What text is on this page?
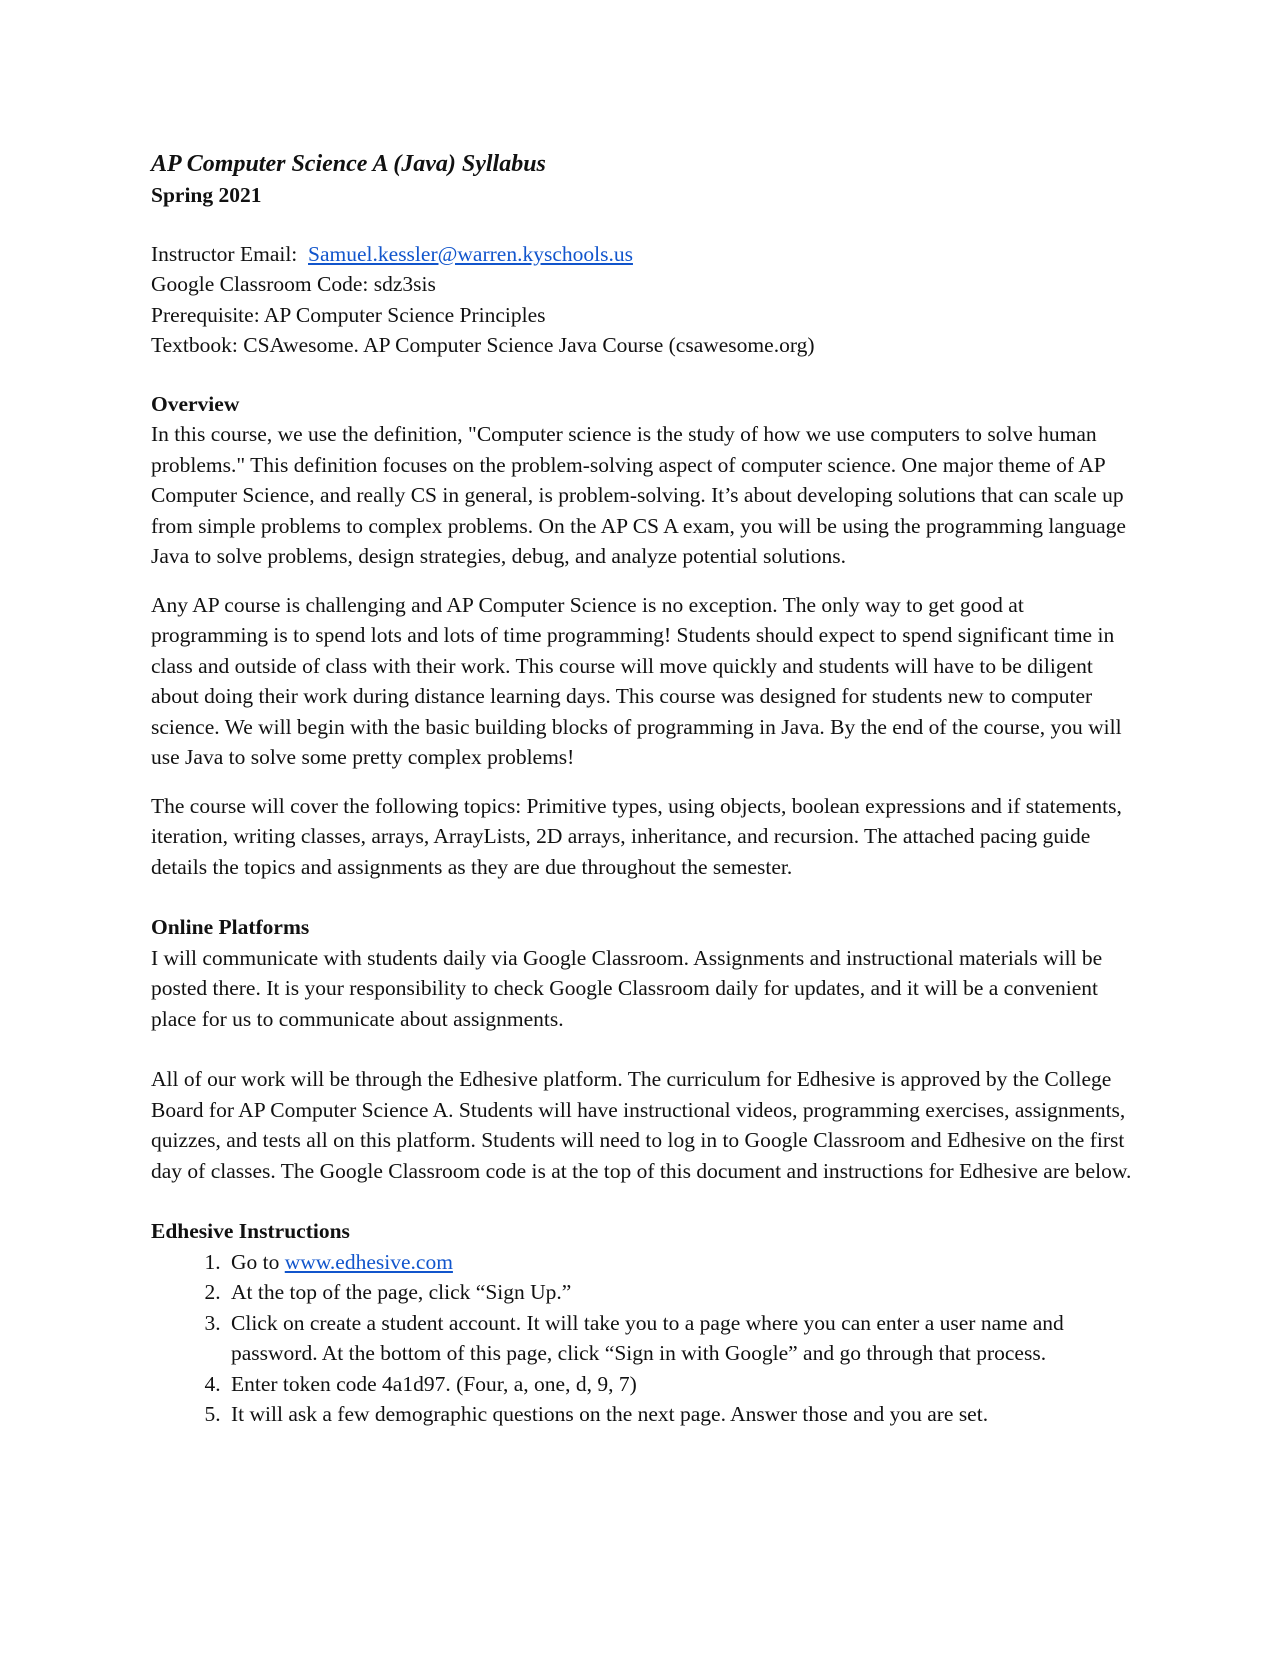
AP Computer Science A (Java) Syllabus
Spring 2021
Instructor Email: Samuel.kessler@warren.kyschools.us
Google Classroom Code: sdz3sis
Prerequisite: AP Computer Science Principles
Textbook: CSAwesome. AP Computer Science Java Course (csawesome.org)
Overview

In this course, we use the definition, "Computer science is the study of how we use computers to solve human problems." This definition focuses on the problem-solving aspect of computer science. One major theme of AP Computer Science, and really CS in general, is problem-solving. It’s about developing solutions that can scale up from simple problems to complex problems. On the AP CS A exam, you will be using the programming language Java to solve problems, design strategies, debug, and analyze potential solutions.

Any AP course is challenging and AP Computer Science is no exception. The only way to get good at programming is to spend lots and lots of time programming! Students should expect to spend significant time in class and outside of class with their work. This course will move quickly and students will have to be diligent about doing their work during distance learning days. This course was designed for students new to computer science. We will begin with the basic building blocks of programming in Java. By the end of the course, you will use Java to solve some pretty complex problems!

The course will cover the following topics: Primitive types, using objects, boolean expressions and if statements, iteration, writing classes, arrays, ArrayLists, 2D arrays, inheritance, and recursion. The attached pacing guide details the topics and assignments as they are due throughout the semester.

Online Platforms
I will communicate with students daily via Google Classroom. Assignments and instructional materials will be posted there. It is your responsibility to check Google Classroom daily for updates, and it will be a convenient place for us to communicate about assignments.
All of our work will be through the Edhesive platform. The curriculum for Edhesive is approved by the College Board for AP Computer Science A. Students will have instructional videos, programming exercises, assignments, quizzes, and tests all on this platform. Students will need to log in to Google Classroom and Edhesive on the first day of classes. The Google Classroom code is at the top of this document and instructions for Edhesive are below.
Edhesive Instructions
1. Go to www.edhesive.com
2. At the top of the page, click “Sign Up.”
3. Click on create a student account. It will take you to a page where you can enter a user name and password. At the bottom of this page, click “Sign in with Google” and go through that process.
4. Enter token code 4a1d97. (Four, a, one, d, 9, 7)
5. It will ask a few demographic questions on the next page. Answer those and you are set.
